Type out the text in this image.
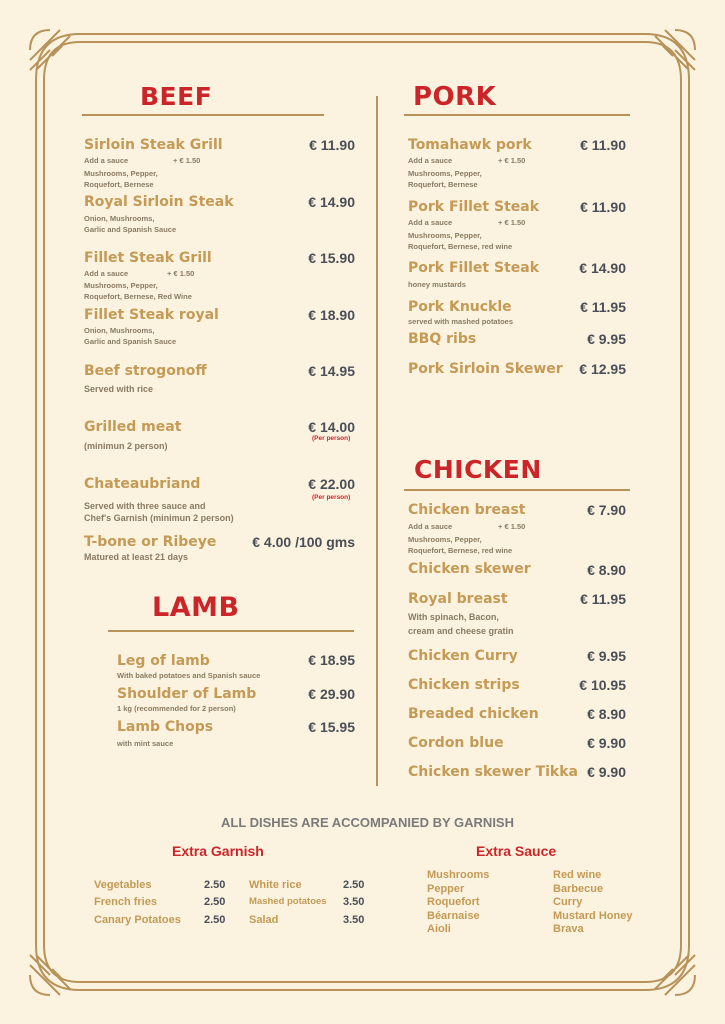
BEEF
Sirloin Steak Grill	€ 11.90
Add a sauce	+ € 1.50
Mushrooms, Pepper,
Roquefort, Bernese
Royal Sirloin Steak	€ 14.90
Onion, Mushrooms,
Garlic and Spanish Sauce
Fillet Steak Grill	€ 15.90
Add a sauce	+ € 1.50
Mushrooms, Pepper,
Roquefort, Bernese, Red Wine
Fillet Steak royal	€ 18.90
Onion, Mushrooms,
Garlic and Spanish Sauce
Beef strogonoff	€ 14.95
Served with rice
Grilled meat	€ 14.00
(Per person)
(minimun 2 person)
Chateaubriand	€ 22.00
(Per person)
Served with three sauce and
Chef's Garnish (minimun 2 person)
T-bone or Ribeye	€ 4.00 /100 gms
Matured at least 21 days
LAMB
Leg of lamb	€ 18.95
With baked potatoes and Spanish sauce
Shoulder of Lamb	€ 29.90
1 kg (recommended for 2 person)
Lamb Chops	€ 15.95
with mint sauce
PORK
Tomahawk pork	€ 11.90
Add a sauce	+ € 1.50
Mushrooms, Pepper,
Roquefort, Bernese
Pork Fillet Steak	€ 11.90
Add a sauce	+ € 1.50
Mushrooms, Pepper,
Roquefort, Bernese, red wine
Pork Fillet Steak	€ 14.90
honey mustards
Pork Knuckle	€ 11.95
served with mashed potatoes
BBQ ribs	€ 9.95
Pork Sirloin Skewer	€ 12.95
CHICKEN
Chicken breast	€ 7.90
Add a sauce	+ € 1.50
Mushrooms, Pepper,
Roquefort, Bernese, red wine
Chicken skewer	€ 8.90
Royal breast	€ 11.95
With spinach, Bacon,
cream and cheese gratin
Chicken Curry	€ 9.95
Chicken strips	€ 10.95
Breaded chicken	€ 8.90
Cordon blue	€ 9.90
Chicken skewer Tikka € 9.90
ALL DISHES ARE ACCOMPANIED BY GARNISH
Extra Garnish	Extra Sauce
Vegetables	2.50
French fries	2.50
Canary Potatoes 2.50
White rice	2.50
Mashed potatoes 3.50
Salad	3.50
Mushrooms
Pepper
Roquefort
Béarnaise
Aioli
Red wine
Barbecue
Curry
Mustard Honey
Brava
